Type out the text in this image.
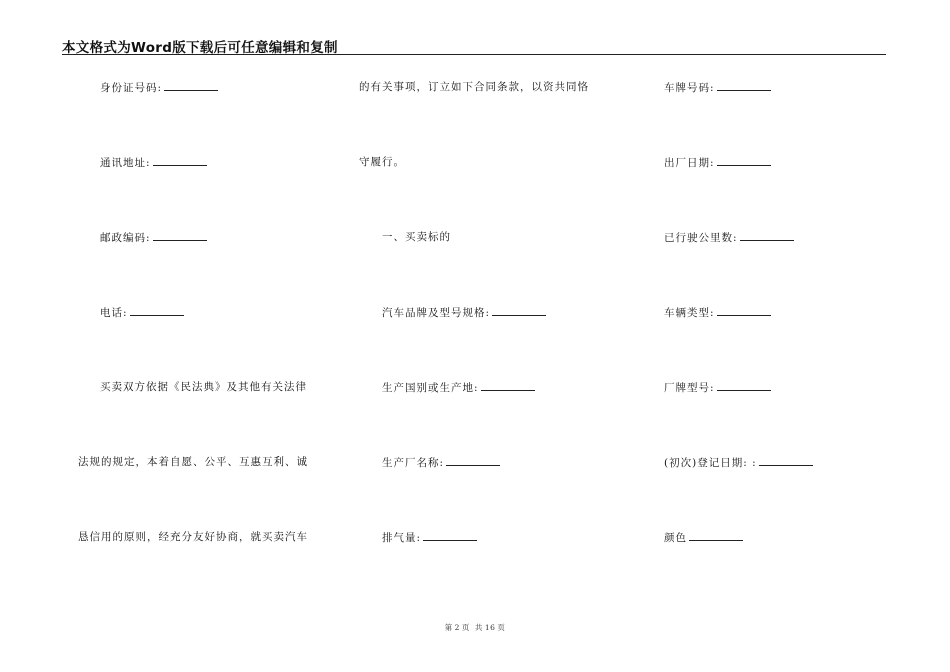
本文格式为Word版下载后可任意编辑和复制
身份证号码:
通讯地址:
邮政编码:
电话:
买卖双方依据《民法典》及其他有关法律
法规的规定，本着自愿、公平、互惠互利、诚
恳信用的原则，经充分友好协商，就买卖汽车
的有关事项，订立如下合同条款，以资共同恪
守履行。
一、买卖标的
汽车品牌及型号规格:
生产国别或生产地:
生产厂名称:
排气量:
车牌号码:
出厂日期:
已行驶公里数:
车辆类型:
厂牌型号:
(初次)登记日期: :
颜色
第 2 页 共 16 页
